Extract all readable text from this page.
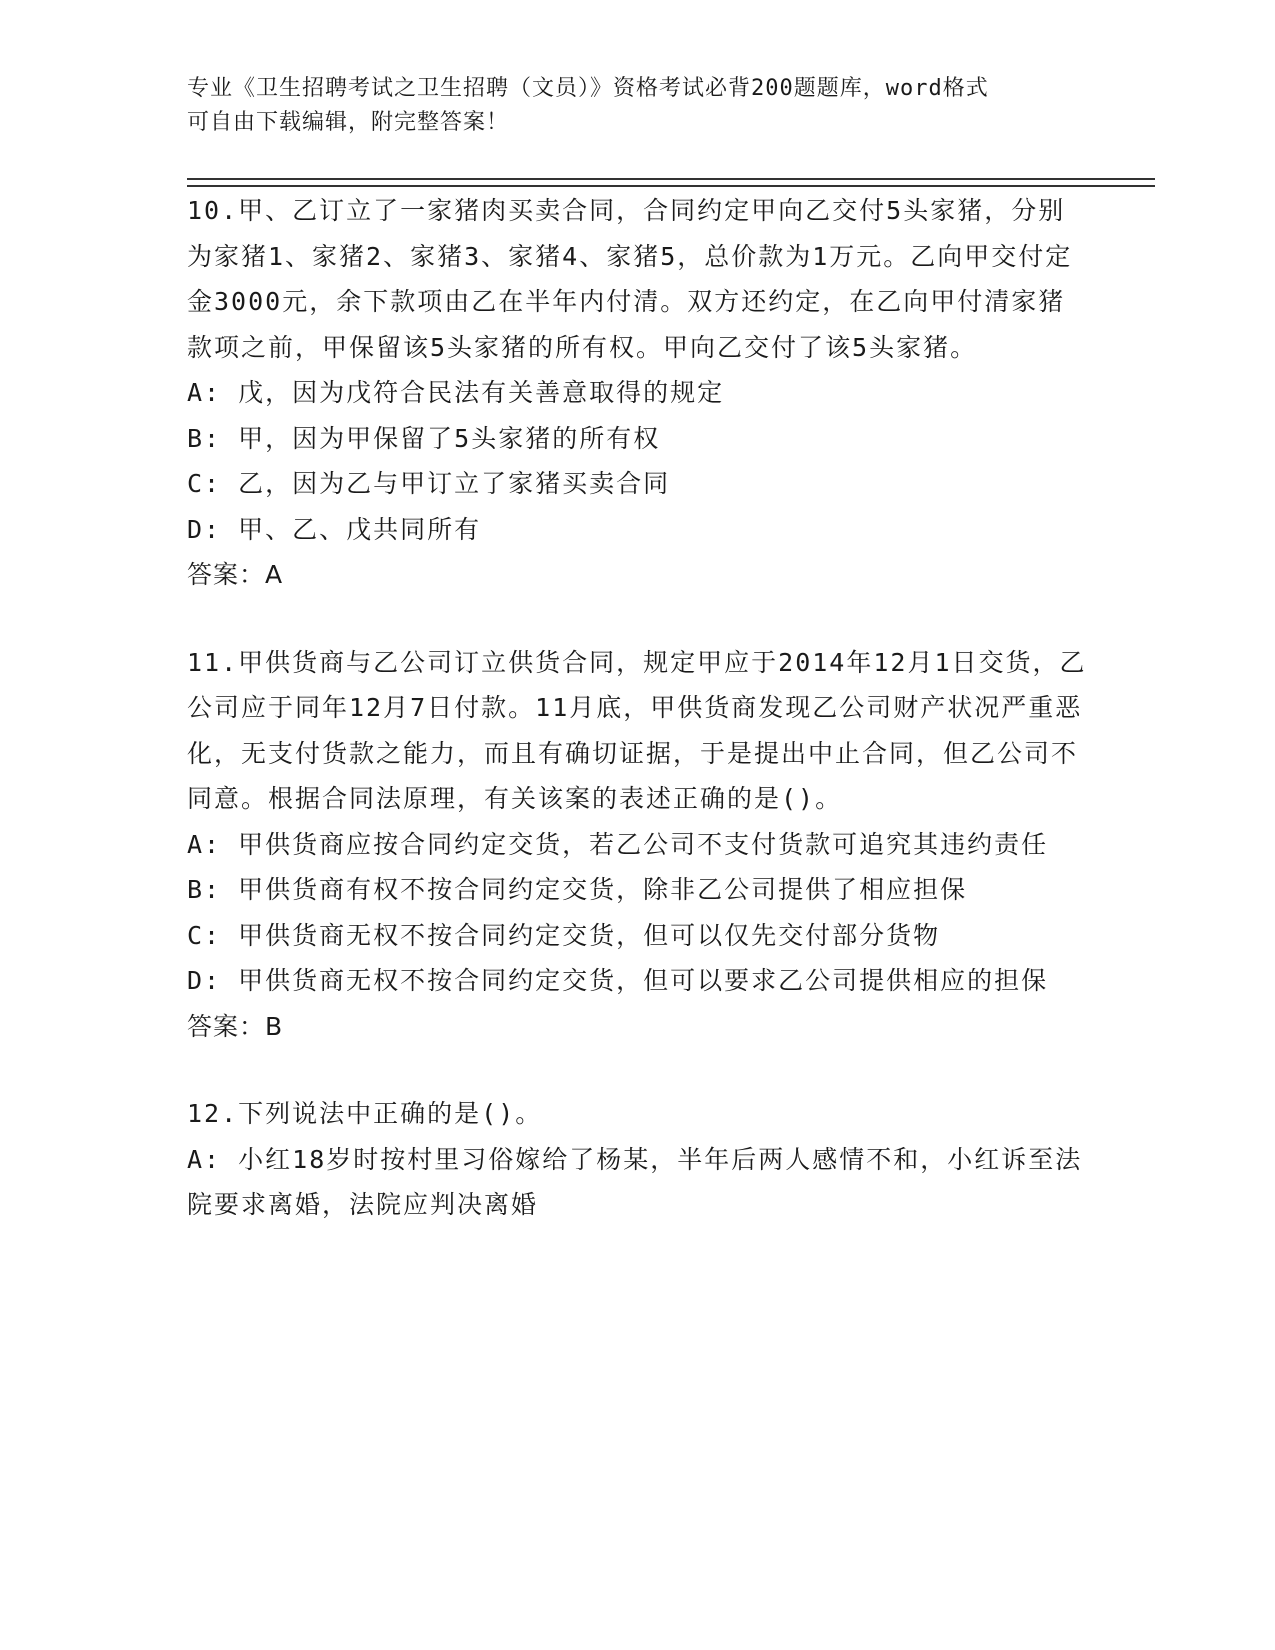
专业《卫生招聘考试之卫生招聘（文员）》资格考试必背200题题库，word格式
可自由下载编辑，附完整答案！
10.甲、乙订立了一家猪肉买卖合同，合同约定甲向乙交付5头家猪，分别为家猪1、家猪2、家猪3、家猪4、家猪5，总价款为1万元。乙向甲交付定金3000元，余下款项由乙在半年内付清。双方还约定，在乙向甲付清家猪款项之前，甲保留该5头家猪的所有权。甲向乙交付了该5头家猪。
A: 戊，因为戊符合民法有关善意取得的规定
B: 甲，因为甲保留了5头家猪的所有权
C: 乙，因为乙与甲订立了家猪买卖合同
D: 甲、乙、戊共同所有
答案：A
11.甲供货商与乙公司订立供货合同，规定甲应于2014年12月1日交货，乙公司应于同年12月7日付款。11月底，甲供货商发现乙公司财产状况严重恶化，无支付货款之能力，而且有确切证据，于是提出中止合同，但乙公司不同意。根据合同法原理，有关该案的表述正确的是()。
A: 甲供货商应按合同约定交货，若乙公司不支付货款可追究其违约责任
B: 甲供货商有权不按合同约定交货，除非乙公司提供了相应担保
C: 甲供货商无权不按合同约定交货，但可以仅先交付部分货物
D: 甲供货商无权不按合同约定交货，但可以要求乙公司提供相应的担保
答案：B
12.下列说法中正确的是()。
A: 小红18岁时按村里习俗嫁给了杨某，半年后两人感情不和，小红诉至法院要求离婚，法院应判决离婚
